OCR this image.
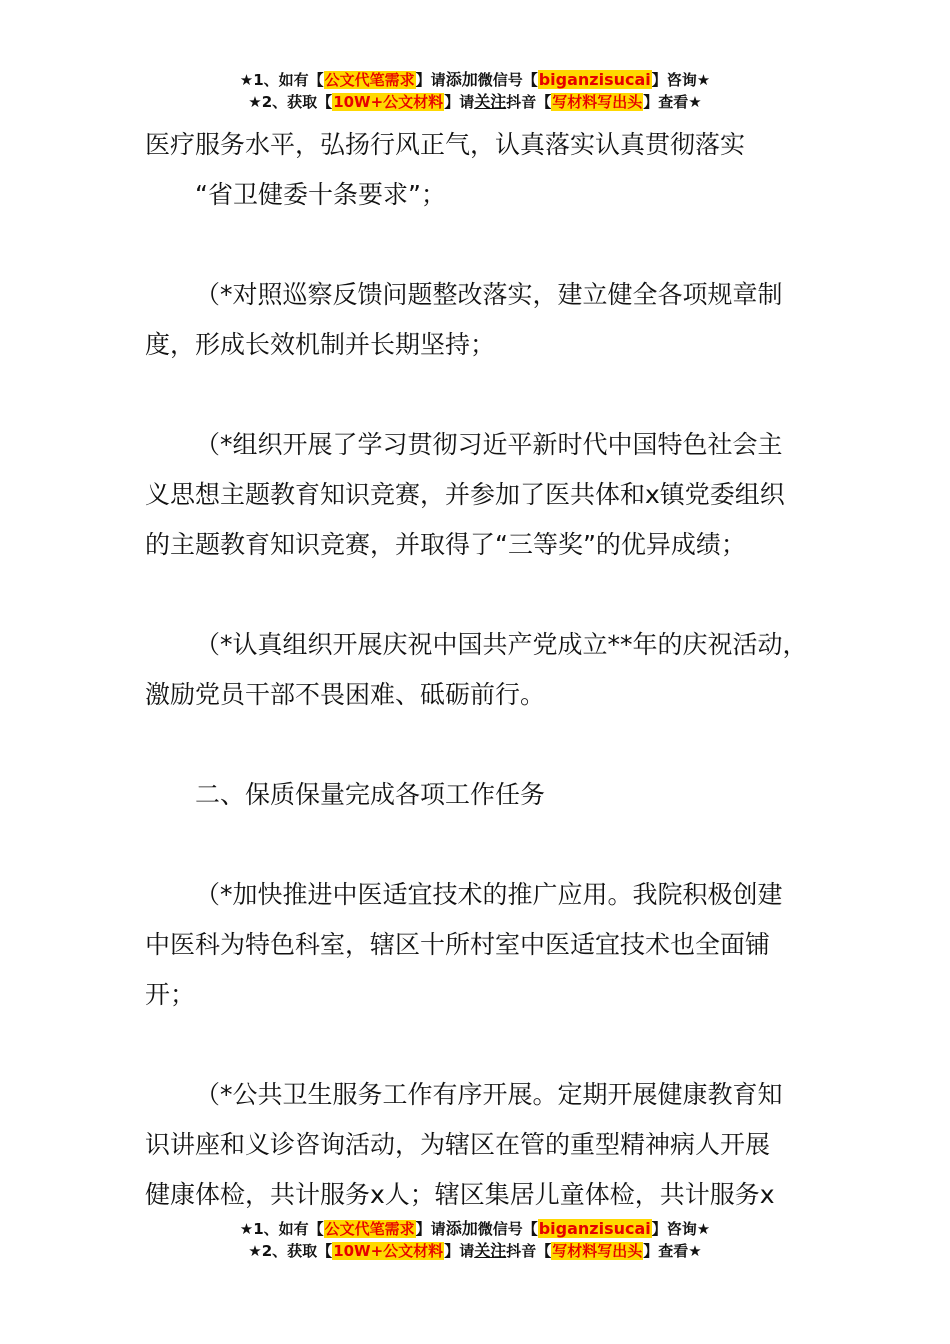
★1、如有【公文代笔需求】请添加微信号【biganzisucai】咨询★
★2、获取【10W+公文材料】请关注抖音【写材料写出头】查看★
医疗服务水平，弘扬行风正气，认真落实认真贯彻落实
“省卫健委十条要求”；
（*对照巡察反馈问题整改落实，建立健全各项规章制
度，形成长效机制并长期坚持；
（*组织开展了学习贯彻习近平新时代中国特色社会主
义思想主题教育知识竞赛，并参加了医共体和x镇党委组织
的主题教育知识竞赛，并取得了“三等奖”的优异成绩；
（*认真组织开展庆祝中国共产党成立**年的庆祝活动，
激励党员干部不畏困难、砥砺前行。
二、保质保量完成各项工作任务
（*加快推进中医适宜技术的推广应用。我院积极创建
中医科为特色科室，辖区十所村室中医适宜技术也全面铺
开；
（*公共卫生服务工作有序开展。定期开展健康教育知
识讲座和义诊咨询活动，为辖区在管的重型精神病人开展
健康体检，共计服务x人；辖区集居儿童体检，共计服务x
★1、如有【公文代笔需求】请添加微信号【biganzisucai】咨询★
★2、获取【10W+公文材料】请关注抖音【写材料写出头】查看★
